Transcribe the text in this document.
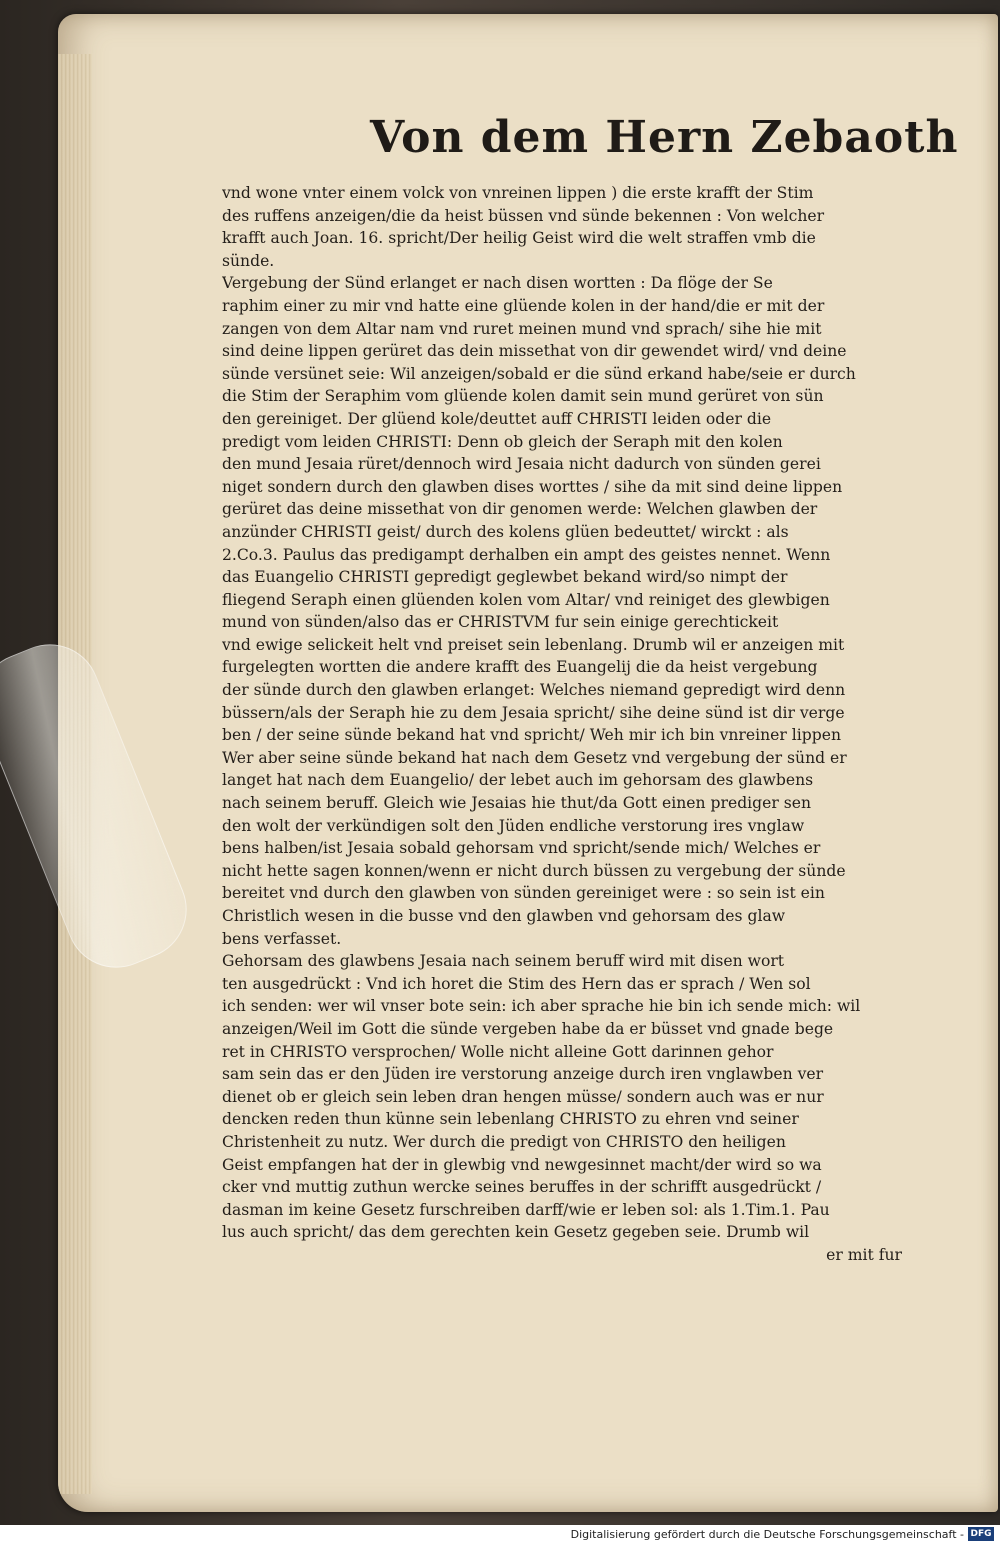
Von dem Hern Zebaoth
vnd wone vnter einem volck von vnreinen lippen ) die erste krafft der Stim
des ruffens anzeigen/die da heist büssen vnd sünde bekennen : Von welcher
krafft auch Joan. 16. spricht/Der heilig Geist wird die welt straffen vmb die
sünde.
Vergebung der Sünd erlanget er nach disen wortten : Da flöge der Se
raphim einer zu mir vnd hatte eine glüende kolen in der hand/die er mit der
zangen von dem Altar nam vnd ruret meinen mund vnd sprach/ sihe hie mit
sind deine lippen gerüret das dein missethat von dir gewendet wird/ vnd deine
sünde versünet seie: Wil anzeigen/sobald er die sünd erkand habe/seie er durch
die Stim der Seraphim vom glüende kolen damit sein mund gerüret von sün
den gereiniget. Der glüend kole/deuttet auff CHRISTI leiden oder die
predigt vom leiden CHRISTI: Denn ob gleich der Seraph mit den kolen
den mund Jesaia rüret/dennoch wird Jesaia nicht dadurch von sünden gerei
niget sondern durch den glawben dises worttes / sihe da mit sind deine lippen
gerüret das deine missethat von dir genomen werde: Welchen glawben der
anzünder CHRISTI geist/ durch des kolens glüen bedeuttet/ wirckt : als
2.Co.3. Paulus das predigampt derhalben ein ampt des geistes nennet. Wenn
das Euangelio CHRISTI gepredigt geglewbet bekand wird/so nimpt der
fliegend Seraph einen glüenden kolen vom Altar/ vnd reiniget des glewbigen
mund von sünden/also das er CHRISTVM fur sein einige gerechtickeit
vnd ewige selickeit helt vnd preiset sein lebenlang. Drumb wil er anzeigen mit
furgelegten wortten die andere krafft des Euangelij die da heist vergebung
der sünde durch den glawben erlanget: Welches niemand gepredigt wird denn
büssern/als der Seraph hie zu dem Jesaia spricht/ sihe deine sünd ist dir verge
ben / der seine sünde bekand hat vnd spricht/ Weh mir ich bin vnreiner lippen
Wer aber seine sünde bekand hat nach dem Gesetz vnd vergebung der sünd er
langet hat nach dem Euangelio/ der lebet auch im gehorsam des glawbens
nach seinem beruff. Gleich wie Jesaias hie thut/da Gott einen prediger sen
den wolt der verkündigen solt den Jüden endliche verstorung ires vnglaw
bens halben/ist Jesaia sobald gehorsam vnd spricht/sende mich/ Welches er
nicht hette sagen konnen/wenn er nicht durch büssen zu vergebung der sünde
bereitet vnd durch den glawben von sünden gereiniget were : so sein ist ein
Christlich wesen in die busse vnd den glawben vnd gehorsam des glaw
bens verfasset.
Gehorsam des glawbens Jesaia nach seinem beruff wird mit disen wort
ten ausgedrückt : Vnd ich horet die Stim des Hern das er sprach / Wen sol
ich senden: wer wil vnser bote sein: ich aber sprache hie bin ich sende mich: wil
anzeigen/Weil im Gott die sünde vergeben habe da er büsset vnd gnade bege
ret in CHRISTO versprochen/ Wolle nicht alleine Gott darinnen gehor
sam sein das er den Jüden ire verstorung anzeige durch iren vnglawben ver
dienet ob er gleich sein leben dran hengen müsse/ sondern auch was er nur
dencken reden thun künne sein lebenlang CHRISTO zu ehren vnd seiner
Christenheit zu nutz. Wer durch die predigt von CHRISTO den heiligen
Geist empfangen hat der in glewbig vnd newgesinnet macht/der wird so wa
cker vnd muttig zuthun wercke seines beruffes in der schrifft ausgedrückt /
dasman im keine Gesetz furschreiben darff/wie er leben sol: als 1.Tim.1. Pau
lus auch spricht/ das dem gerechten kein Gesetz gegeben seie. Drumb wil
er mit fur
Digitalisierung gefördert durch die Deutsche Forschungsgemeinschaft - DFG
